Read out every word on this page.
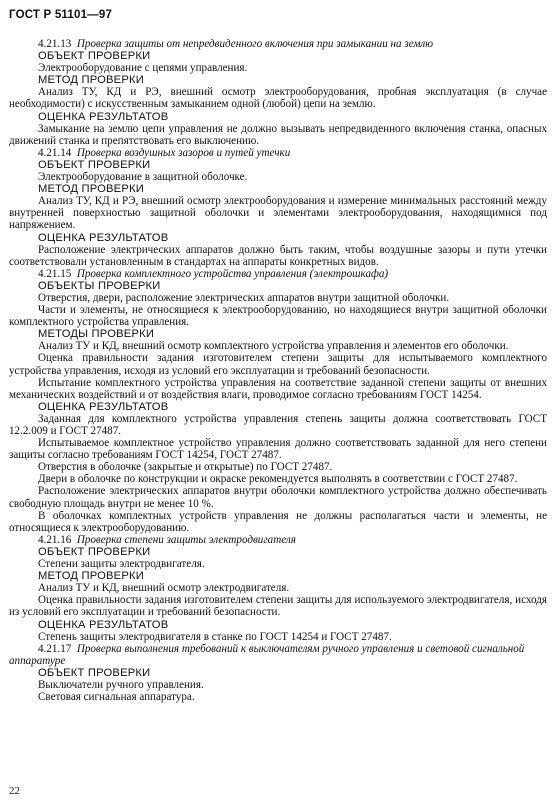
ГОСТ Р 51101—97

4.21.13  Проверка защиты от непредвиденного включения при замыкании на землю

ОБЪЕКТ ПРОВЕРКИ

Электрооборудование с цепями управления.

МЕТОД ПРОВЕРКИ

Анализ ТУ, КД и РЭ, внешний осмотр электрооборудования, пробная эксплуатация (в случае необходимости) с искусственным замыканием одной (любой) цепи на землю.

ОЦЕНКА РЕЗУЛЬТАТОВ

Замыкание на землю цепи управления не должно вызывать непредвиденного включения станка, опасных движений станка и препятствовать его выключению.

4.21.14  Проверка воздушных зазоров и путей утечки

ОБЪЕКТ ПРОВЕРКИ

Электрооборудование в защитной оболочке.

МЕТОД ПРОВЕРКИ

Анализ ТУ, КД и РЭ, внешний осмотр электрооборудования и измерение минимальных расстояний между внутренней поверхностью защитной оболочки и элементами электрооборудования, находящимися под напряжением.

ОЦЕНКА РЕЗУЛЬТАТОВ

Расположение электрических аппаратов должно быть таким, чтобы воздушные зазоры и пути утечки соответствовали установленным в стандартах на аппараты конкретных видов.

4.21.15  Проверка комплектного устройства управления (электрошкафа)

ОБЪЕКТЫ ПРОВЕРКИ

Отверстия, двери, расположение электрических аппаратов внутри защитной оболочки.

Части и элементы, не относящиеся к электрооборудованию, но находящиеся внутри защитной оболочки комплектного устройства управления.

МЕТОДЫ ПРОВЕРКИ

Анализ ТУ и КД, внешний осмотр комплектного устройства управления и элементов его оболочки.

Оценка правильности задания изготовителем степени защиты для испытываемого комплектного устройства управления, исходя из условий его эксплуатации и требований безопасности.

Испытание комплектного устройства управления на соответствие заданной степени защиты от внешних механических воздействий и от воздействия влаги, проводимое согласно требованиям ГОСТ 14254.

ОЦЕНКА РЕЗУЛЬТАТОВ

Заданная для комплектного устройства управления степень защиты должна соответствовать ГОСТ 12.2.009 и ГОСТ 27487.

Испытываемое комплектное устройство управления должно соответствовать заданной для него степени защиты согласно требованиям ГОСТ 14254, ГОСТ 27487.

Отверстия в оболочке (закрытые и открытые) по ГОСТ 27487.

Двери в оболочке по конструкции и окраске рекомендуется выполнять в соответствии с ГОСТ 27487.

Расположение электрических аппаратов внутри оболочки комплектного устройства должно обеспечивать свободную площадь внутри не менее 10 %.

В оболочках комплектных устройств управления не должны располагаться части и элементы, не относящиеся к электрооборудованию.

4.21.16  Проверка степени защиты электродвигателя

ОБЪЕКТ ПРОВЕРКИ

Степени защиты электродвигателя.

МЕТОД ПРОВЕРКИ

Анализ ТУ и КД, внешний осмотр электродвигателя.

Оценка правильности задания изготовителем степени защиты для используемого электродвигателя, исходя из условий его эксплуатации и требований безопасности.

ОЦЕНКА РЕЗУЛЬТАТОВ

Степень защиты электродвигателя в станке по ГОСТ 14254 и ГОСТ 27487.

4.21.17  Проверка выполнения требований к выключателям ручного управления и световой сигнальной аппаратуре

ОБЪЕКТ ПРОВЕРКИ

Выключатели ручного управления.

Световая сигнальная аппаратура.

22
